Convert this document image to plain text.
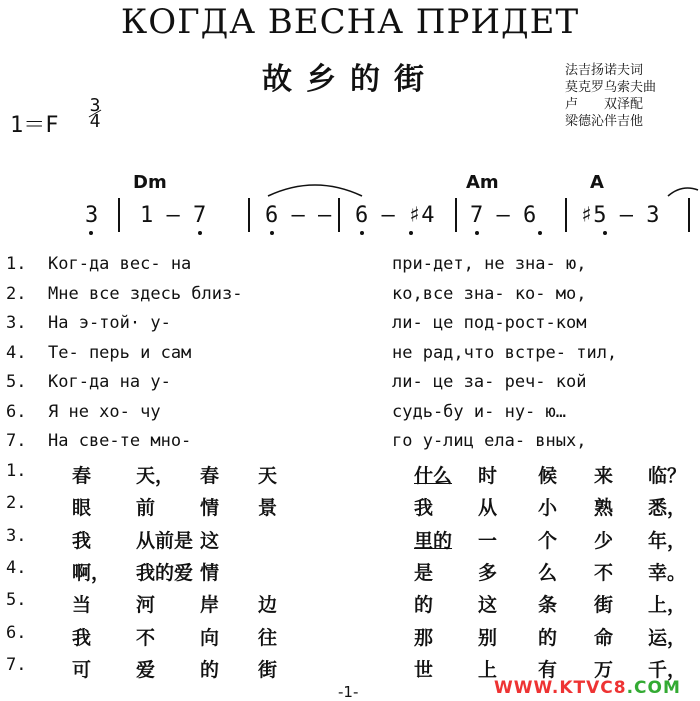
КОГДА ВЕСНА ПРИДЕТ
故乡的街	法吉扬诺夫词
莫克罗乌索夫曲
卢　　双泽配
梁德沁伴吉他
1＝F
3
4
Dm	Am	A
3 1 — 7	6 — — 6 — ♯4 7 — 6 ♯5 — 3
1. Ког-да вес- на	при-дет, не зна- ю,
2. Мне все здесь близ-	ко,все зна- ко- мо,
3. На э-той· у-	ли- це под-рост-ком
4. Те- перь и сам	не рад,что встре- тил,
5. Ког-да на у-	ли- це за- реч- кой
6. Я не хо- чу	судь-бу и- ну- ю…
7. На све-те мно-	го у-лиц ела- вных,
1. 春 天， 春 天	什么 时 候 来 临？
2. 眼 前 情 景	我 从 小 熟 悉，
3. 我 从前是 这	里的 一 个 少 年，
4. 啊， 我的爱 情	是 多 么 不 幸。
5. 当 河 岸 边	的 这 条 街 上，
6. 我 不 向 往	那 别 的 命 运，
7. 可 爱 的 街	世 上 有 万 千，
-1-	WWW.KTVC8.COM
